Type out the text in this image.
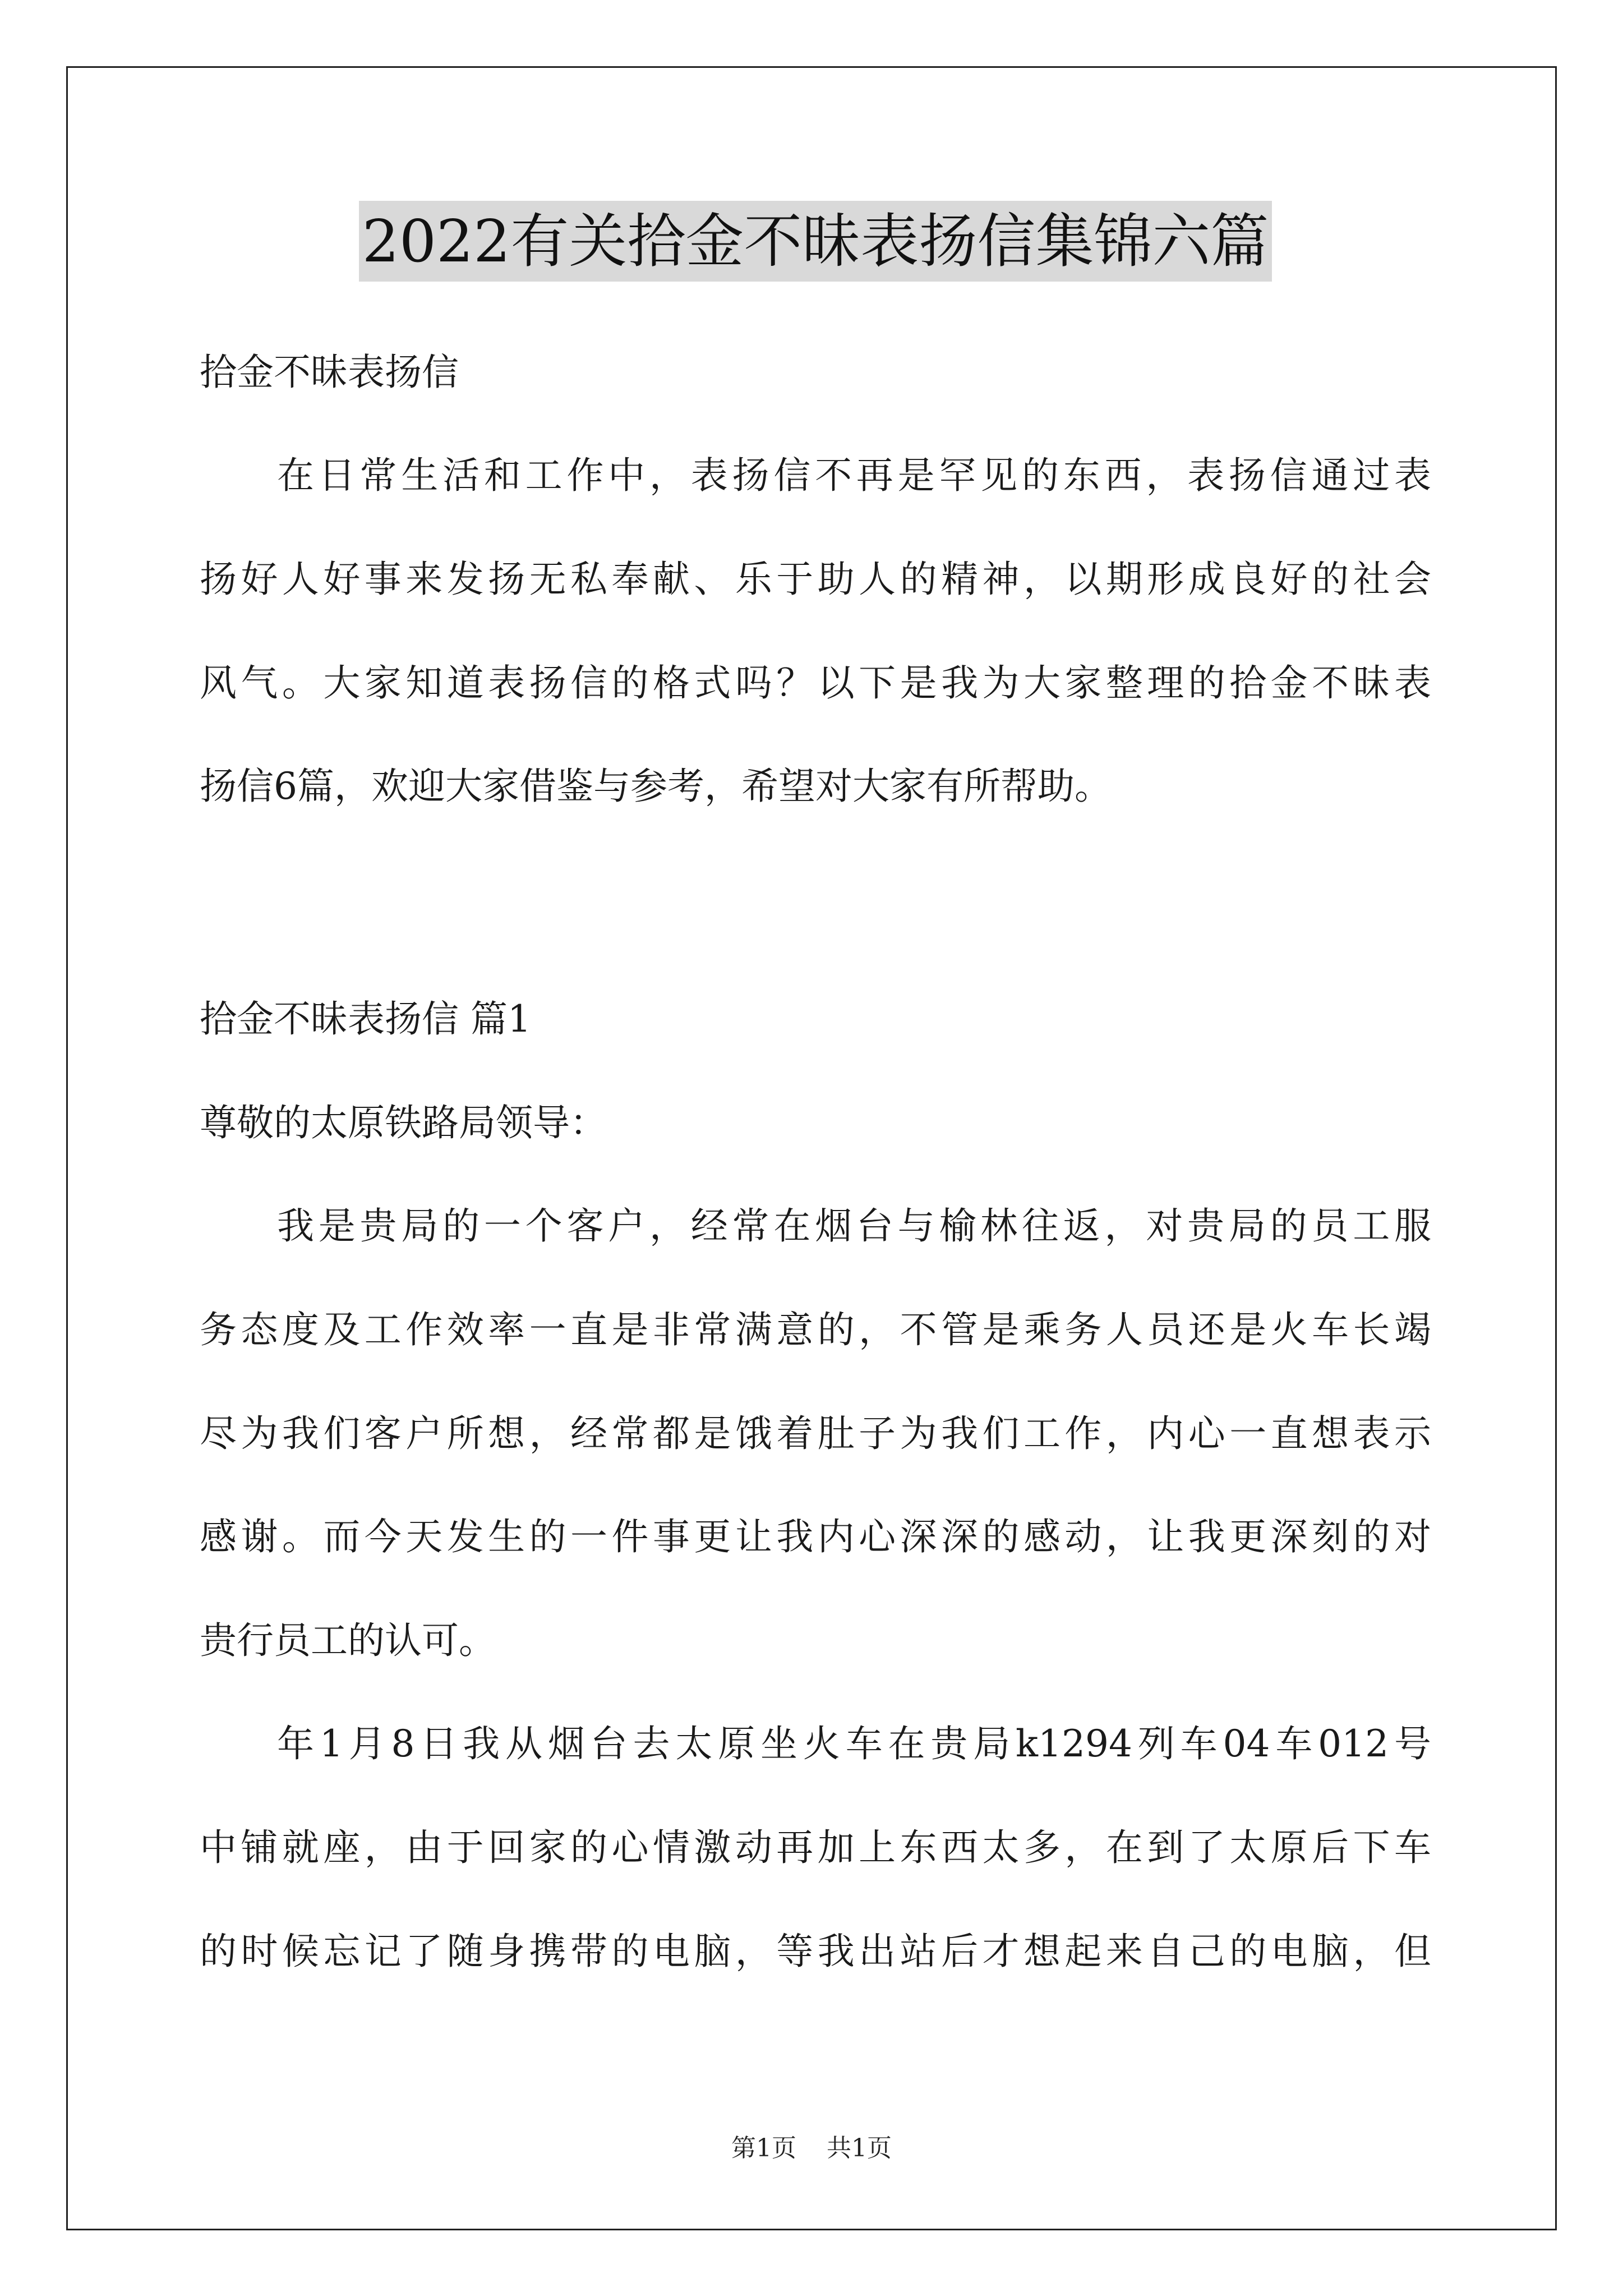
2022有关拾金不昧表扬信集锦六篇
拾金不昧表扬信
在日常生活和工作中，表扬信不再是罕见的东西，表扬信通过表
扬好人好事来发扬无私奉献、乐于助人的精神，以期形成良好的社会
风气。大家知道表扬信的格式吗？以下是我为大家整理的拾金不昧表
扬信6篇，欢迎大家借鉴与参考，希望对大家有所帮助。
拾金不昧表扬信 篇1
尊敬的太原铁路局领导：
我是贵局的一个客户，经常在烟台与榆林往返，对贵局的员工服
务态度及工作效率一直是非常满意的，不管是乘务人员还是火车长竭
尽为我们客户所想，经常都是饿着肚子为我们工作，内心一直想表示
感谢。而今天发生的一件事更让我内心深深的感动，让我更深刻的对
贵行员工的认可。
年1月8日我从烟台去太原坐火车在贵局k1294列车04车012号
中铺就座，由于回家的心情激动再加上东西太多，在到了太原后下车
的时候忘记了随身携带的电脑，等我出站后才想起来自己的电脑，但
第1页 共1页
